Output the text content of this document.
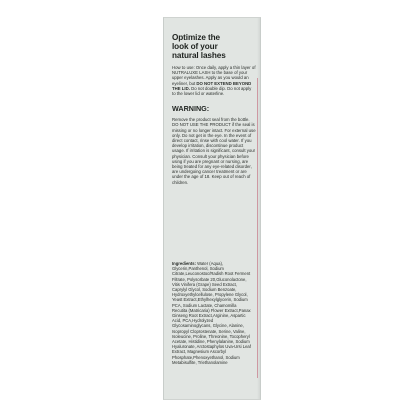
Optimize the
look of your
natural lashes
How to use: Once daily, apply a thin layer of NUTRALUXE LASH to the base of your upper eyelashes. Apply as you would an eyeliner, but DO NOT EXTEND BEYOND THE LID. Do not double dip. Do not apply to the lower lid or waterline.
WARNING:
Remove the product seal from the bottle. DO NOT USE THE PRODUCT if the seal is missing or no longer intact. For external use only. Do not get in the eye. In the event of direct contact, rinse with cool water. If you develop irritation, discontinue product usage. If irritation is significant, consult your physician. Consult your physician before using if you are pregnant or nursing, are being treated for any eye-related disorder, are undergoing cancer treatment or are under the age of 18. Keep out of reach of children.
Ingredients: Water (Aqua), Glycerin,Panthenol, Sodium Citrate,Leuconostoc/Radish Root Ferment Filtrate, Polysorbate 20,Gluconolactone, Vitis Vinifera (Grape) Seed Extract, Caprylyl Glycol, Sodium Benzoate, Hydroxyethylcellulose, Propylene Glycol, Yeast Extract,Ethylhexylglycerin, Sodium PCA, Sodium Lactate, Chamomilla Recutita (Matricaria) Flower Extract,Panax Ginseng Root Extract,Arginine, Aspartic Acid, PCA,Hydrolyzed Glycosaminoglycans, Glycine, Alanine, Isopropyl Cloprostenate, Serine, Valine, Isoleucine, Proline, Threonine, Tocopheryl Acetate, Histidine, Phenylalanine, Sodium Hyaluronate, Arctostaphylos Uva-Ursi Leaf Extract, Magnesium Ascorbyl Phosphate,Phenoxyethanol, Sodium Metabisulfite, Triethanolamine
